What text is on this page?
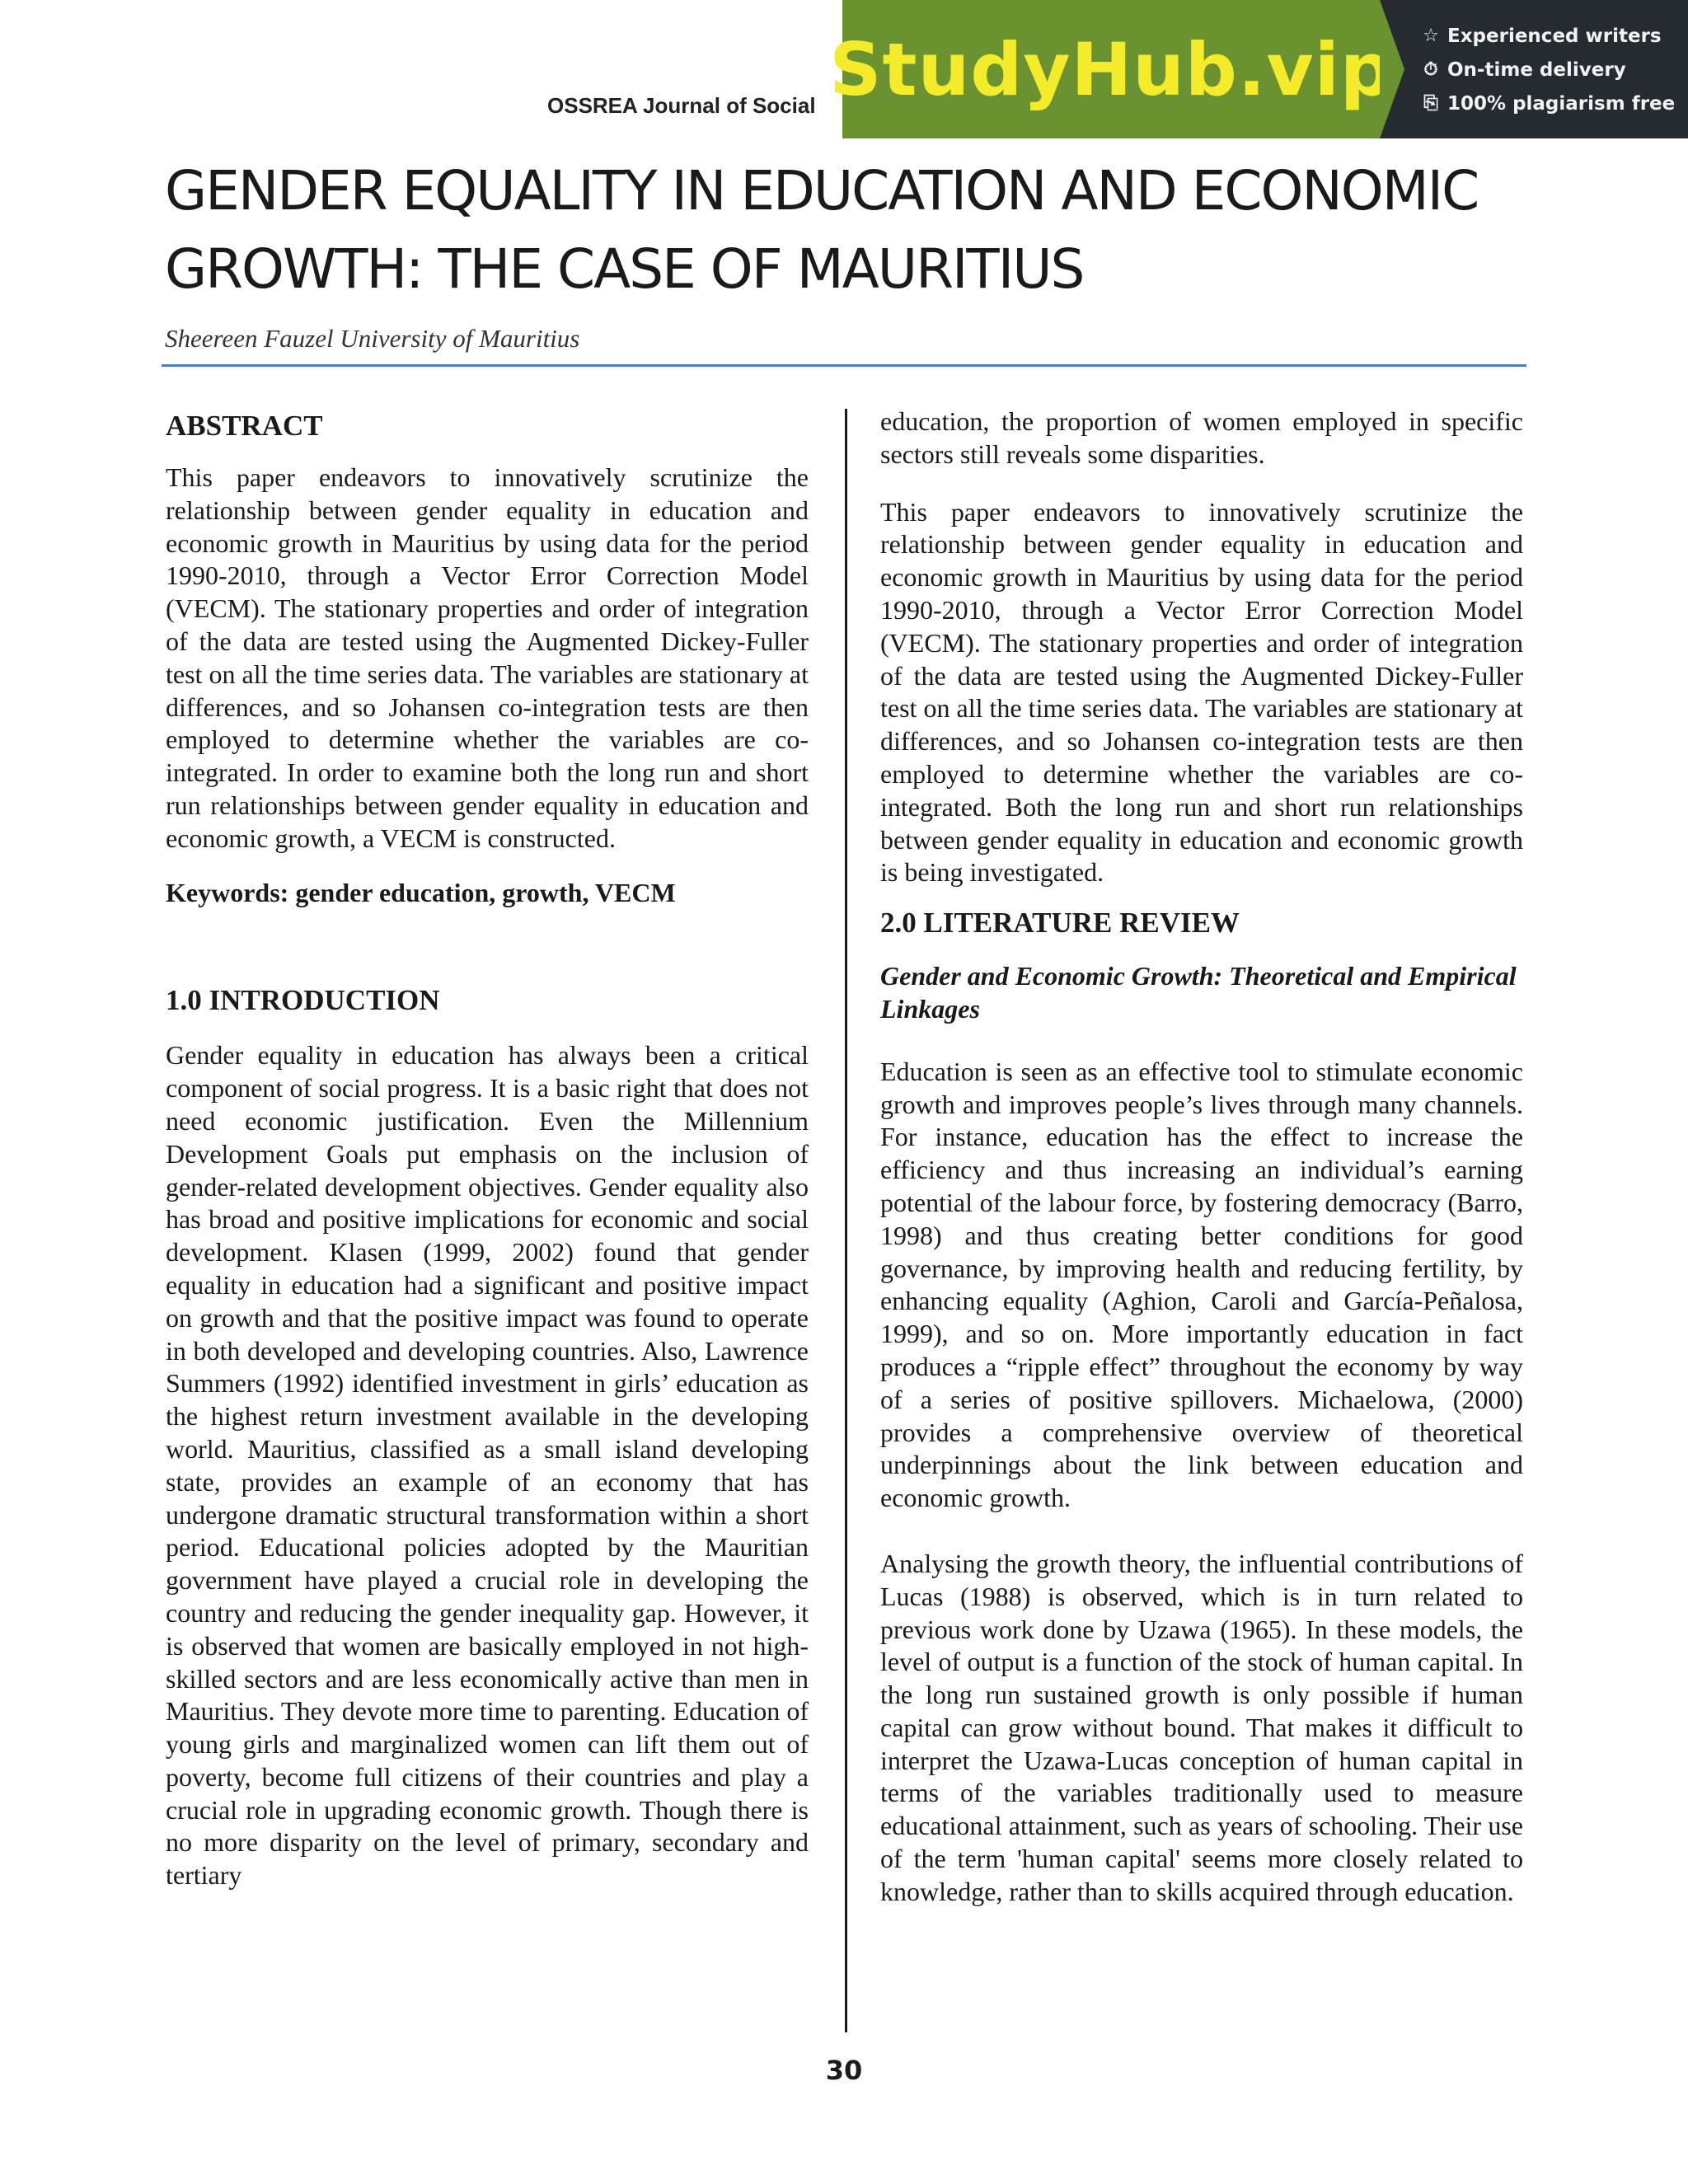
OSSREA Journal of Social StudyHub.vip ☆ Experienced writers
⏱ On-time delivery
⎘ 100% plagiarism free
GENDER EQUALITY IN EDUCATION AND ECONOMIC GROWTH: THE CASE OF MAURITIUS
Sheereen Fauzel University of Mauritius
ABSTRACT

This paper endeavors to innovatively scrutinize the relationship between gender equality in education and economic growth in Mauritius by using data for the period 1990-2010, through a Vector Error Correction Model (VECM). The stationary properties and order of integration of the data are tested using the Augmented Dickey-Fuller test on all the time series data. The variables are stationary at differences, and so Johansen co-integration tests are then employed to determine whether the variables are co-integrated. In order to examine both the long run and short run relationships between gender equality in education and economic growth, a VECM is constructed.

Keywords: gender education, growth, VECM

1.0 INTRODUCTION

Gender equality in education has always been a critical component of social progress. It is a basic right that does not need economic justification. Even the Millennium Development Goals put emphasis on the inclusion of gender-related development objectives. Gender equality also has broad and positive implications for economic and social development. Klasen (1999, 2002) found that gender equality in education had a significant and positive impact on growth and that the positive impact was found to operate in both developed and developing countries. Also, Lawrence Summers (1992) identified investment in girls’ education as the highest return investment available in the developing world. Mauritius, classified as a small island developing state, provides an example of an economy that has undergone dramatic structural transformation within a short period. Educational policies adopted by the Mauritian government have played a crucial role in developing the country and reducing the gender inequality gap. However, it is observed that women are basically employed in not high-skilled sectors and are less economically active than men in Mauritius. They devote more time to parenting. Education of young girls and marginalized women can lift them out of poverty, become full citizens of their countries and play a crucial role in upgrading economic growth. Though there is no more disparity on the level of primary, secondary and tertiary

education, the proportion of women employed in specific sectors still reveals some disparities.

This paper endeavors to innovatively scrutinize the relationship between gender equality in education and economic growth in Mauritius by using data for the period 1990-2010, through a Vector Error Correction Model (VECM). The stationary properties and order of integration of the data are tested using the Augmented Dickey-Fuller test on all the time series data. The variables are stationary at differences, and so Johansen co-integration tests are then employed to determine whether the variables are co-integrated. Both the long run and short run relationships between gender equality in education and economic growth is being investigated.

2.0 LITERATURE REVIEW
Gender and Economic Growth: Theoretical and Empirical Linkages

Education is seen as an effective tool to stimulate economic growth and improves people’s lives through many channels. For instance, education has the effect to increase the efficiency and thus increasing an individual’s earning potential of the labour force, by fostering democracy (Barro, 1998) and thus creating better conditions for good governance, by improving health and reducing fertility, by enhancing equality (Aghion, Caroli and García-Peñalosa, 1999), and so on. More importantly education in fact produces a “ripple effect” throughout the economy by way of a series of positive spillovers. Michaelowa, (2000) provides a comprehensive overview of theoretical underpinnings about the link between education and economic growth.

Analysing the growth theory, the influential contributions of Lucas (1988) is observed, which is in turn related to previous work done by Uzawa (1965). In these models, the level of output is a function of the stock of human capital. In the long run sustained growth is only possible if human capital can grow without bound. That makes it difficult to interpret the Uzawa-Lucas conception of human capital in terms of the variables traditionally used to measure educational attainment, such as years of schooling. Their use of the term 'human capital' seems more closely related to knowledge, rather than to skills acquired through education.

30
